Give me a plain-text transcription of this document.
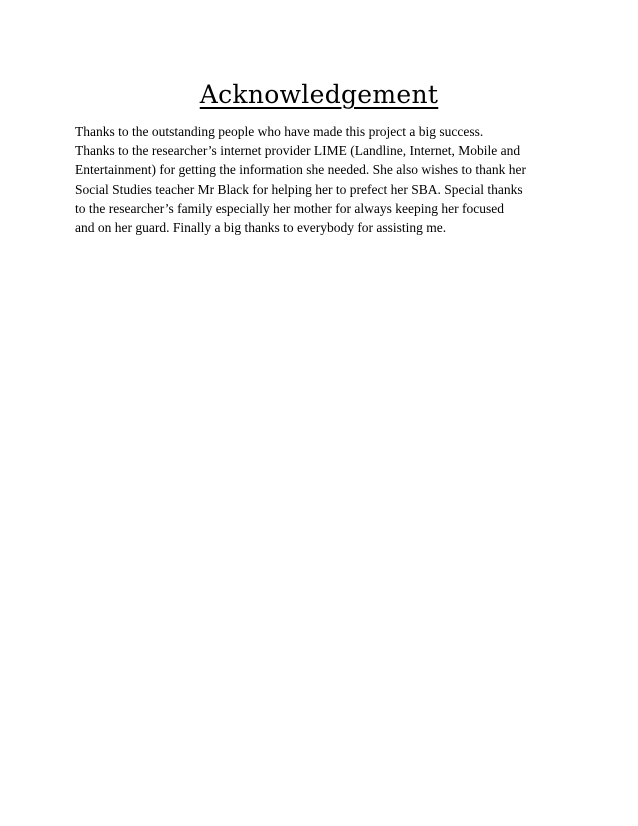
Acknowledgement

Thanks to the outstanding people who have made this project a big success.
Thanks to the researcher’s internet provider LIME (Landline, Internet, Mobile and
Entertainment) for getting the information she needed. She also wishes to thank her
Social Studies teacher Mr Black for helping her to prefect her SBA. Special thanks
to the researcher’s family especially her mother for always keeping her focused
and on her guard. Finally a big thanks to everybody for assisting me.
